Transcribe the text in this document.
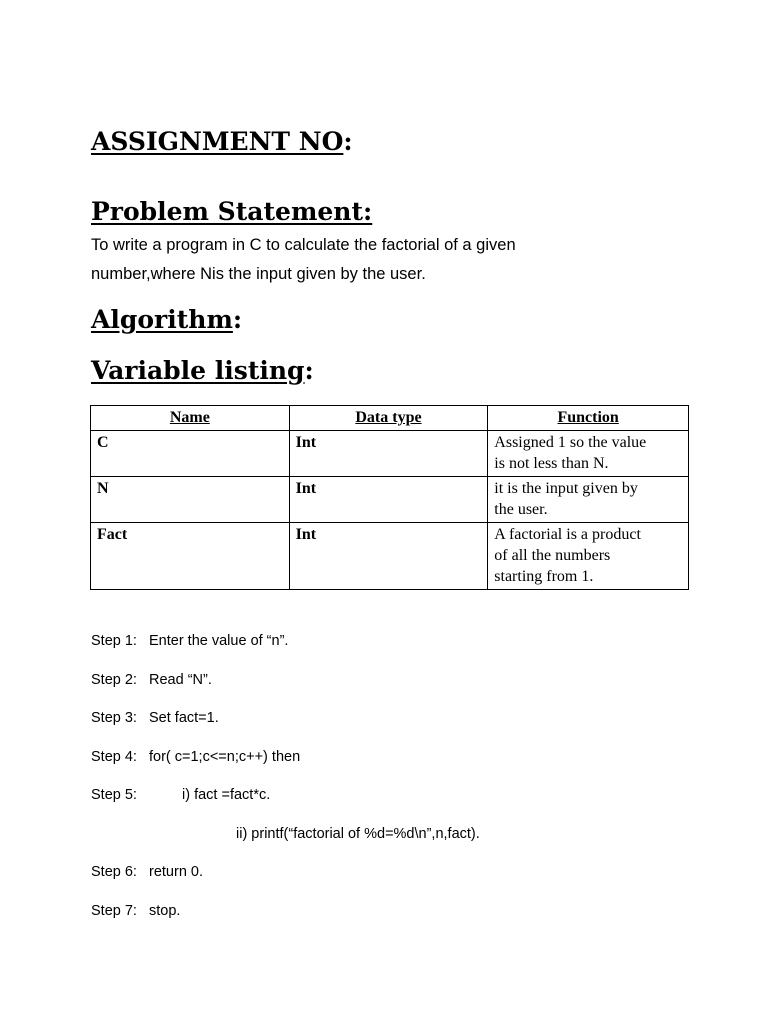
ASSIGNMENT NO:
Problem Statement:

To write a program in C to calculate the factorial of a given
number,where Nis the input given by the user.

Algorithm:
Variable listing:
Name	Data type	Function
C	Int	Assigned 1 so the value
is not less than N.
N	Int	it is the input given by
the user.
Fact	Int	A factorial is a product
of all the numbers
starting from 1.
Step 1: Enter the value of “n”.
Step 2: Read “N”.
Step 3: Set fact=1.
Step 4: for( c=1;c<=n;c++) then
Step 5:	i) fact =fact*c.
ii) printf(“factorial of %d=%d\n”,n,fact).
Step 6: return 0.
Step 7: stop.
